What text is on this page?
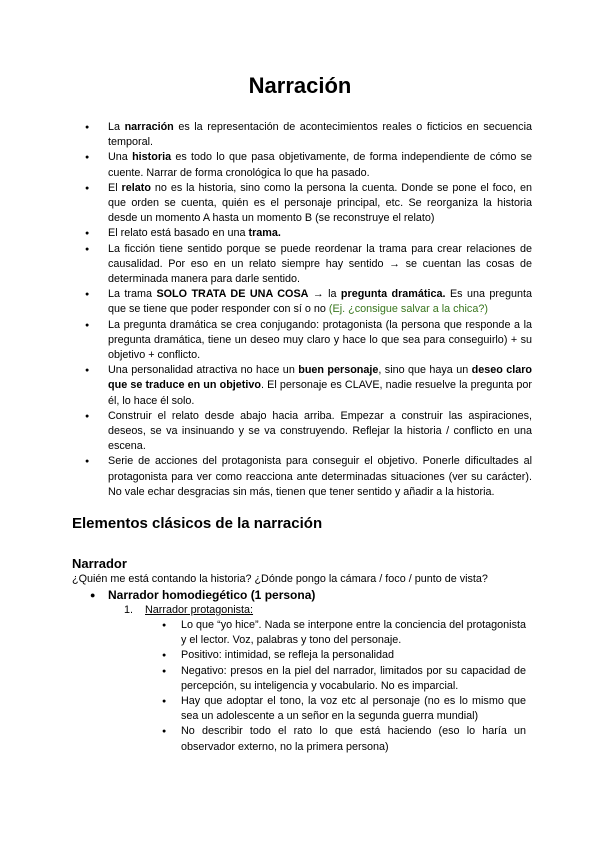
Narración
● La narración es la representación de acontecimientos reales o ficticios en secuencia temporal.
● Una historia es todo lo que pasa objetivamente, de forma independiente de cómo se cuente. Narrar de forma cronológica lo que ha pasado.
● El relato no es la historia, sino como la persona la cuenta. Donde se pone el foco, en que orden se cuenta, quién es el personaje principal, etc. Se reorganiza la historia desde un momento A hasta un momento B (se reconstruye el relato)
● El relato está basado en una trama.
● La ficción tiene sentido porque se puede reordenar la trama para crear relaciones de causalidad. Por eso en un relato siempre hay sentido → se cuentan las cosas de determinada manera para darle sentido.
● La trama SOLO TRATA DE UNA COSA → la pregunta dramática. Es una pregunta que se tiene que poder responder con sí o no (Ej. ¿consigue salvar a la chica?)
● La pregunta dramática se crea conjugando: protagonista (la persona que responde a la pregunta dramática, tiene un deseo muy claro y hace lo que sea para conseguirlo) + su objetivo + conflicto.
● Una personalidad atractiva no hace un buen personaje, sino que haya un deseo claro que se traduce en un objetivo. El personaje es CLAVE, nadie resuelve la pregunta por él, lo hace él solo.
● Construir el relato desde abajo hacia arriba. Empezar a construir las aspiraciones, deseos, se va insinuando y se va construyendo. Reflejar la historia / conflicto en una escena.
● Serie de acciones del protagonista para conseguir el objetivo. Ponerle dificultades al protagonista para ver como reacciona ante determinadas situaciones (ver su carácter). No vale echar desgracias sin más, tienen que tener sentido y añadir a la historia.
Elementos clásicos de la narración
Narrador
¿Quién me está contando la historia? ¿Dónde pongo la cámara / foco / punto de vista?
● Narrador homodiegético (1 persona)
1. Narrador protagonista:
● Lo que “yo hice”. Nada se interpone entre la conciencia del protagonista y el lector. Voz, palabras y tono del personaje.
● Positivo: intimidad, se refleja la personalidad
● Negativo: presos en la piel del narrador, limitados por su capacidad de percepción, su inteligencia y vocabulario. No es imparcial.
● Hay que adoptar el tono, la voz etc al personaje (no es lo mismo que sea un adolescente a un señor en la segunda guerra mundial)
● No describir todo el rato lo que está haciendo (eso lo haría un observador externo, no la primera persona)
